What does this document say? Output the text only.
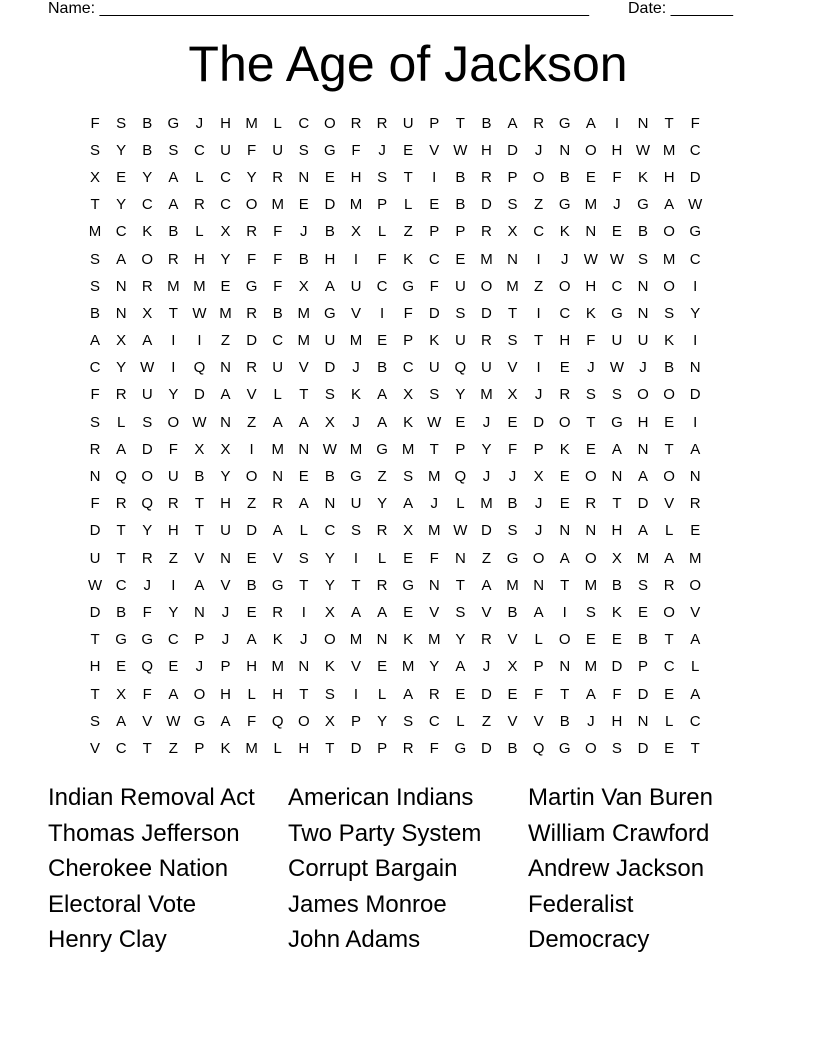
Name: _______________________________________________________ Date: _______
The Age of Jackson
F	S	B	G	J	H M	L	C O R	R	U	P	T	B	A	R G	A	I	N	T	F
S	Y	B	S	C	U	F	U	S	G	F	J	E	V W H	D	J	N O H W M C
X	E	Y	A	L	C	Y	R	N	E	H	S	T	I	B	R	P	O	B	E	F	K	H	D
T	Y	C	A	R	C O M E	D M P	L	E	B	D	S	Z	G M	J	G	A W
M C	K	B	L	X	R	F	J	B	X	L	Z	P	P	R	X	C	K	N	E	B	O G
S	A	O R	H	Y	F	F	B	H	I	F	K	C	E M N	I	J	W W S M C
S	N	R M M E	G	F	X	A	U	C G	F	U O M	Z	O H	C	N O	I
B	N	X	T W M R	B M G	V	I	F	D	S	D	T	I	C	K	G N	S	Y
A	X	A	I	I	Z	D	C M U M E	P	K	U	R	S	T	H	F	U	U	K	I
C	Y W	I	Q N	R	U	V	D	J	B	C	U Q U	V	I	E	J	W	J	B	N
F	R	U	Y	D	A	V	L	T	S	K	A	X	S	Y M X	J	R	S	S	O O D
S	L	S	O W N	Z	A	A	X	J	A	K W E	J	E	D O	T	G H	E	I
R	A	D	F	X	X	I	M N W M G M	T	P	Y	F	P	K	E	A	N	T	A
N Q O U	B	Y	O N	E	B	G	Z	S M Q	J	J	X	E	O N	A	O N
F	R Q R	T	H	Z	R	A	N	U	Y	A	J	L	M B	J	E	R	T	D	V	R
D	T	Y	H	T	U	D	A	L	C	S	R	X M W D	S	J	N	N	H	A	L	E
U	T	R	Z	V	N	E	V	S	Y	I	L	E	F	N	Z	G O	A	O	X M A M
W C	J	I	A	V	B	G	T	Y	T	R G N	T	A M N	T	M B	S	R O
D	B	F	Y	N	J	E	R	I	X	A	A	E	V	S	V	B	A	I	S	K	E	O	V
T	G G C	P	J	A	K	J	O M N	K M Y	R	V	L	O	E	E	B	T	A
H	E	Q	E	J	P	H M N	K	V	E M Y	A	J	X	P	N M D	P	C	L
T	X	F	A	O H	L	H	T	S	I	L	A	R	E	D	E	F	T	A	F	D	E	A
S	A	V W G	A	F	Q O	X	P	Y	S	C	L	Z	V	V	B	J	H	N	L	C
V	C	T	Z	P	K M	L	H	T	D	P	R	F	G D	B	Q G O	S	D	E	T
Indian Removal Act	American Indians	Martin Van Buren
Thomas Jefferson	Two Party System	William Crawford
Cherokee Nation	Corrupt Bargain	Andrew Jackson
Electoral Vote	James Monroe	Federalist
Henry Clay	John Adams	Democracy
